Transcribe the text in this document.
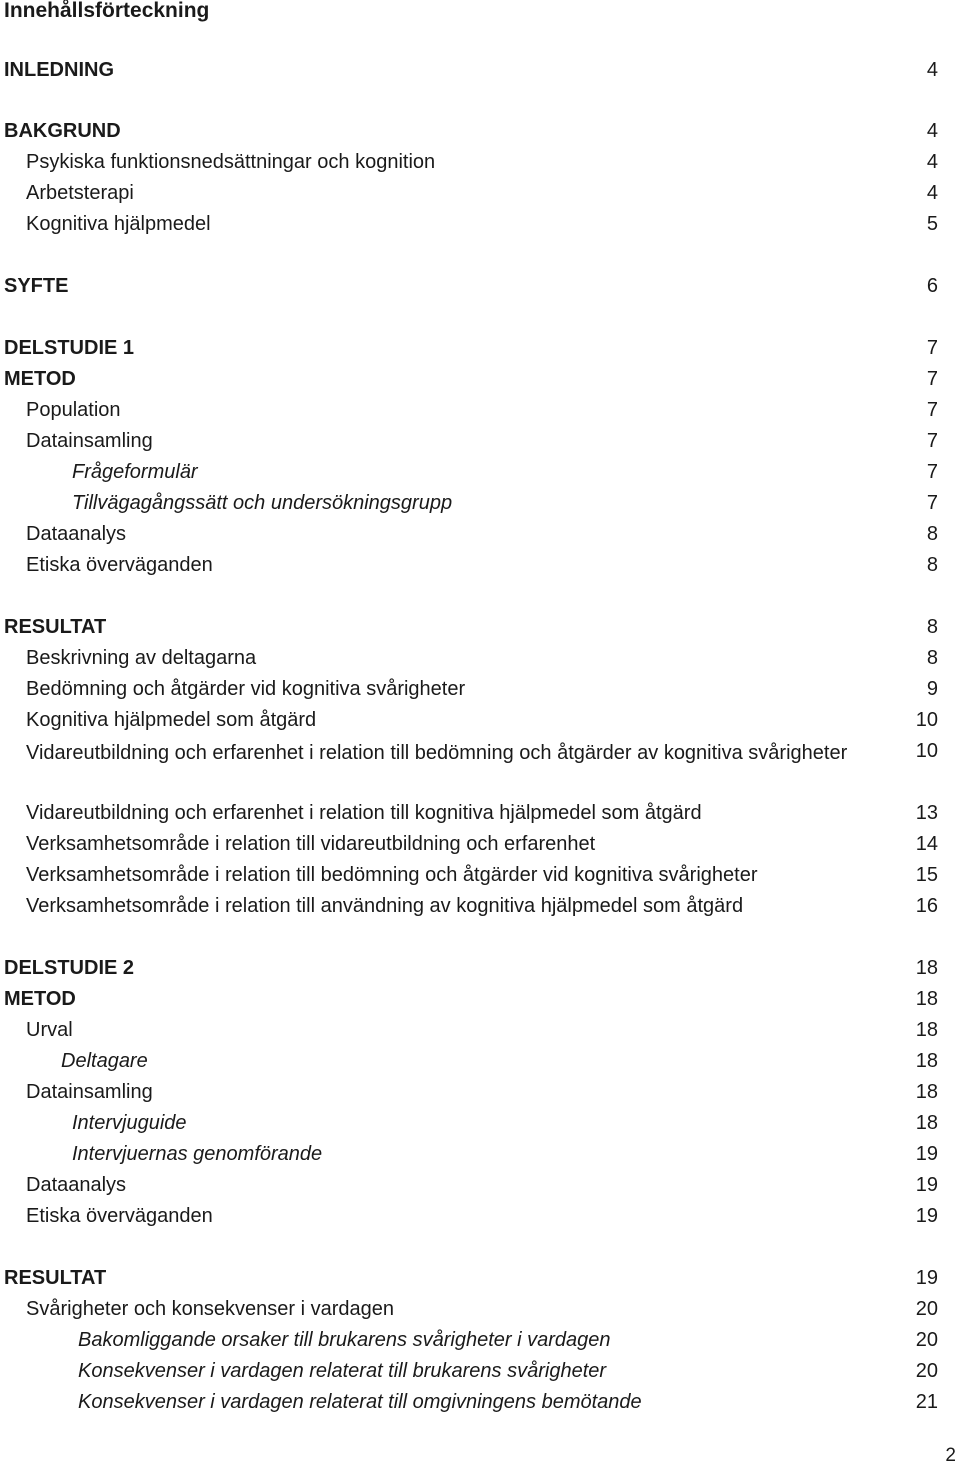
Innehållsförteckning
INLEDNING	4
BAKGRUND	4
Psykiska funktionsnedsättningar och kognition	4
Arbetsterapi	4
Kognitiva hjälpmedel	5
SYFTE	6
DELSTUDIE 1	7
METOD	7
Population	7
Datainsamling	7
Frågeformulär	7
Tillvägagångssätt och undersökningsgrupp	7
Dataanalys	8
Etiska överväganden	8
RESULTAT	8
Beskrivning av deltagarna	8
Bedömning och åtgärder vid kognitiva svårigheter	9
Kognitiva hjälpmedel som åtgärd	10
Vidareutbildning och erfarenhet i relation till bedömning och åtgärder av kognitiva svårigheter	10
Vidareutbildning och erfarenhet i relation till kognitiva hjälpmedel som åtgärd	13
Verksamhetsområde i relation till vidareutbildning och erfarenhet	14
Verksamhetsområde i relation till bedömning och åtgärder vid kognitiva svårigheter	15
Verksamhetsområde i relation till användning av kognitiva hjälpmedel som åtgärd	16
DELSTUDIE 2	18
METOD	18
Urval	18
Deltagare	18
Datainsamling	18
Intervjuguide	18
Intervjuernas genomförande	19
Dataanalys	19
Etiska överväganden	19
RESULTAT	19
Svårigheter och konsekvenser i vardagen	20
Bakomliggande orsaker till brukarens svårigheter i vardagen	20
Konsekvenser i vardagen relaterat till brukarens svårigheter	20
Konsekvenser i vardagen relaterat till omgivningens bemötande	21
2
